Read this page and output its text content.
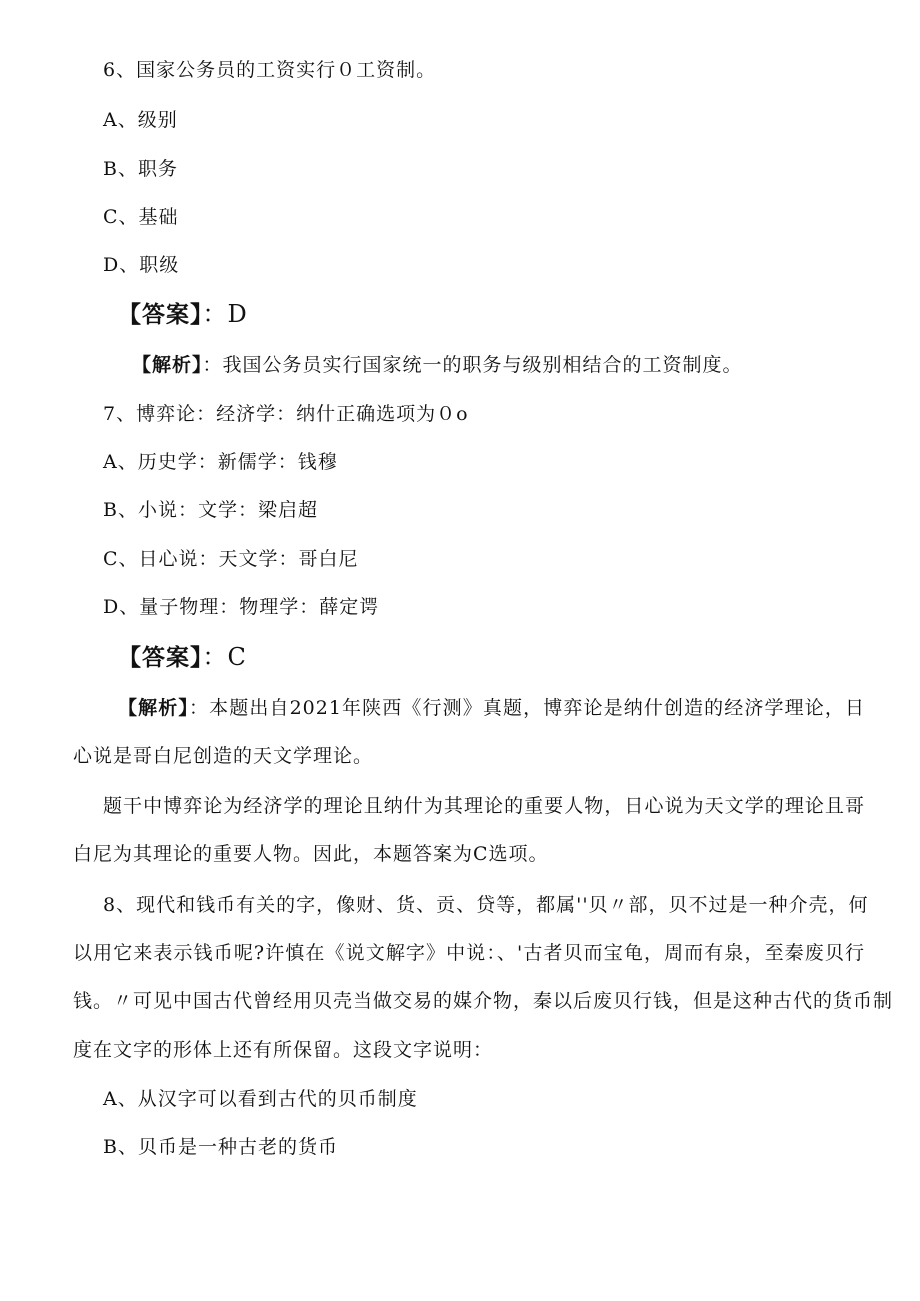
6、国家公务员的工资实行０工资制。
A、级别
B、职务
C、基础
D、职级
【答案】：D
【解析】：我国公务员实行国家统一的职务与级别相结合的工资制度。
7、博弈论：经济学：纳什正确选项为０o
A、历史学：新儒学：钱穆
B、小说：文学：梁启超
C、日心说：天文学：哥白尼
D、量子物理：物理学：薛定谔
【答案】：C
【解析】：本题出自2021年陕西《行测》真题，博弈论是纳什创造的经济学理论，日
心说是哥白尼创造的天文学理论。
题干中博弈论为经济学的理论且纳什为其理论的重要人物，日心说为天文学的理论且哥
白尼为其理论的重要人物。因此，本题答案为C选项。
8、现代和钱币有关的字，像财、货、贡、贷等，都属''贝〃部，贝不过是一种介壳，何
以用它来表示钱币呢?许慎在《说文解字》中说：、'古者贝而宝龟，周而有泉，至秦废贝行
钱。〃可见中国古代曾经用贝壳当做交易的媒介物，秦以后废贝行钱，但是这种古代的货币制
度在文字的形体上还有所保留。这段文字说明：
A、从汉字可以看到古代的贝币制度
B、贝币是一种古老的货币
